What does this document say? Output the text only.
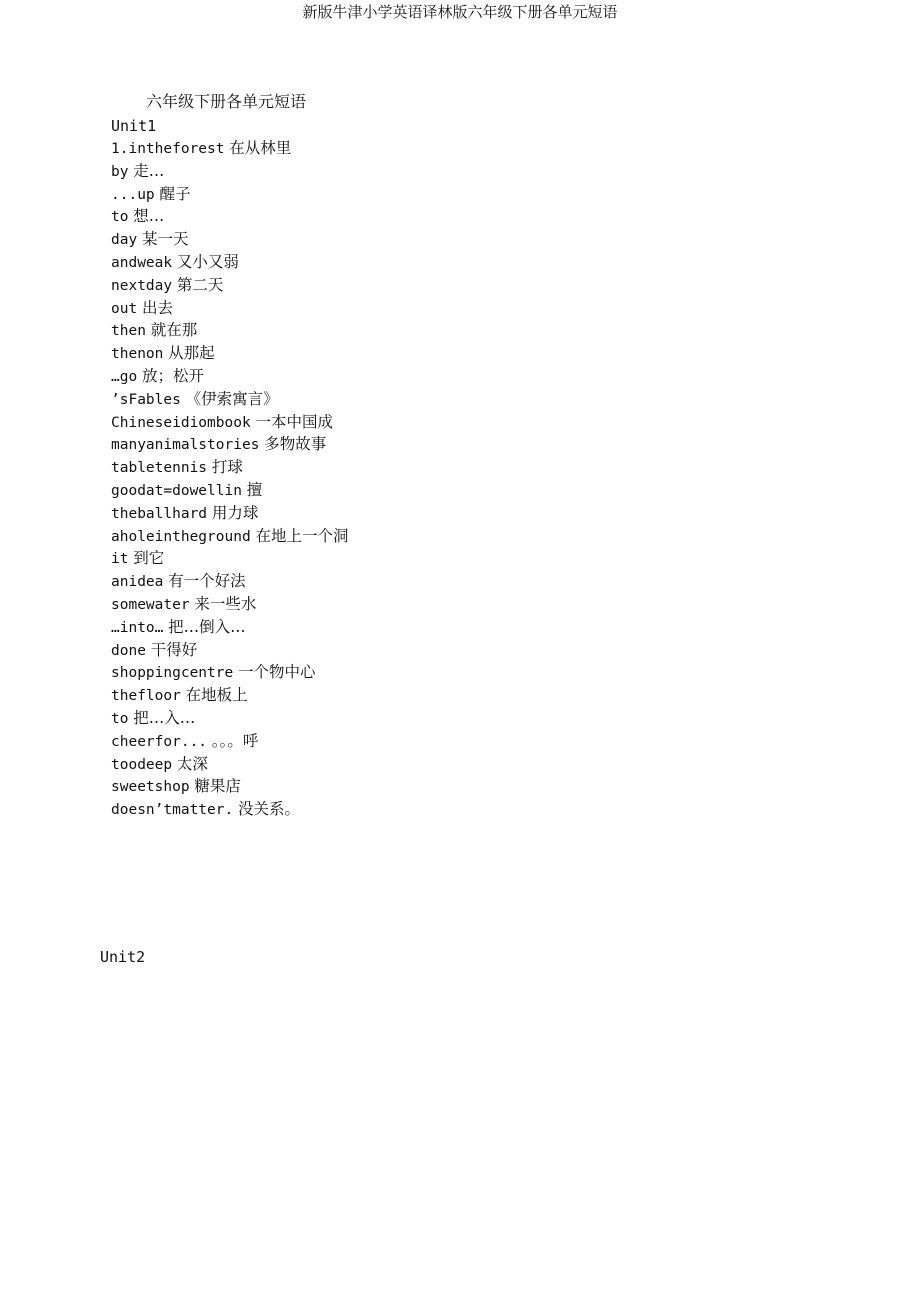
新版牛津小学英语译林版六年级下册各单元短语
六年级下册各单元短语
Unit1
1.intheforest 在从林里
by 走…
...up 醒子
to 想…
day 某一天
andweak 又小又弱
nextday 第二天
out 出去
then 就在那
thenon 从那起
…go 放；松开
’sFables 《伊索寓言》
Chineseidiombook 一本中国成
manyanimalstories 多物故事
tabletennis 打球
goodat=dowellin 擅
theballhard 用力球
aholeintheground 在地上一个洞
it 到它
anidea 有一个好法
somewater 来一些水
…into… 把…倒入…
done 干得好
shoppingcentre 一个物中心
thefloor 在地板上
to 把…入…
cheerfor... 。。。呼
toodeep 太深
sweetshop 糖果店
doesn’tmatter. 没关系。
Unit2
